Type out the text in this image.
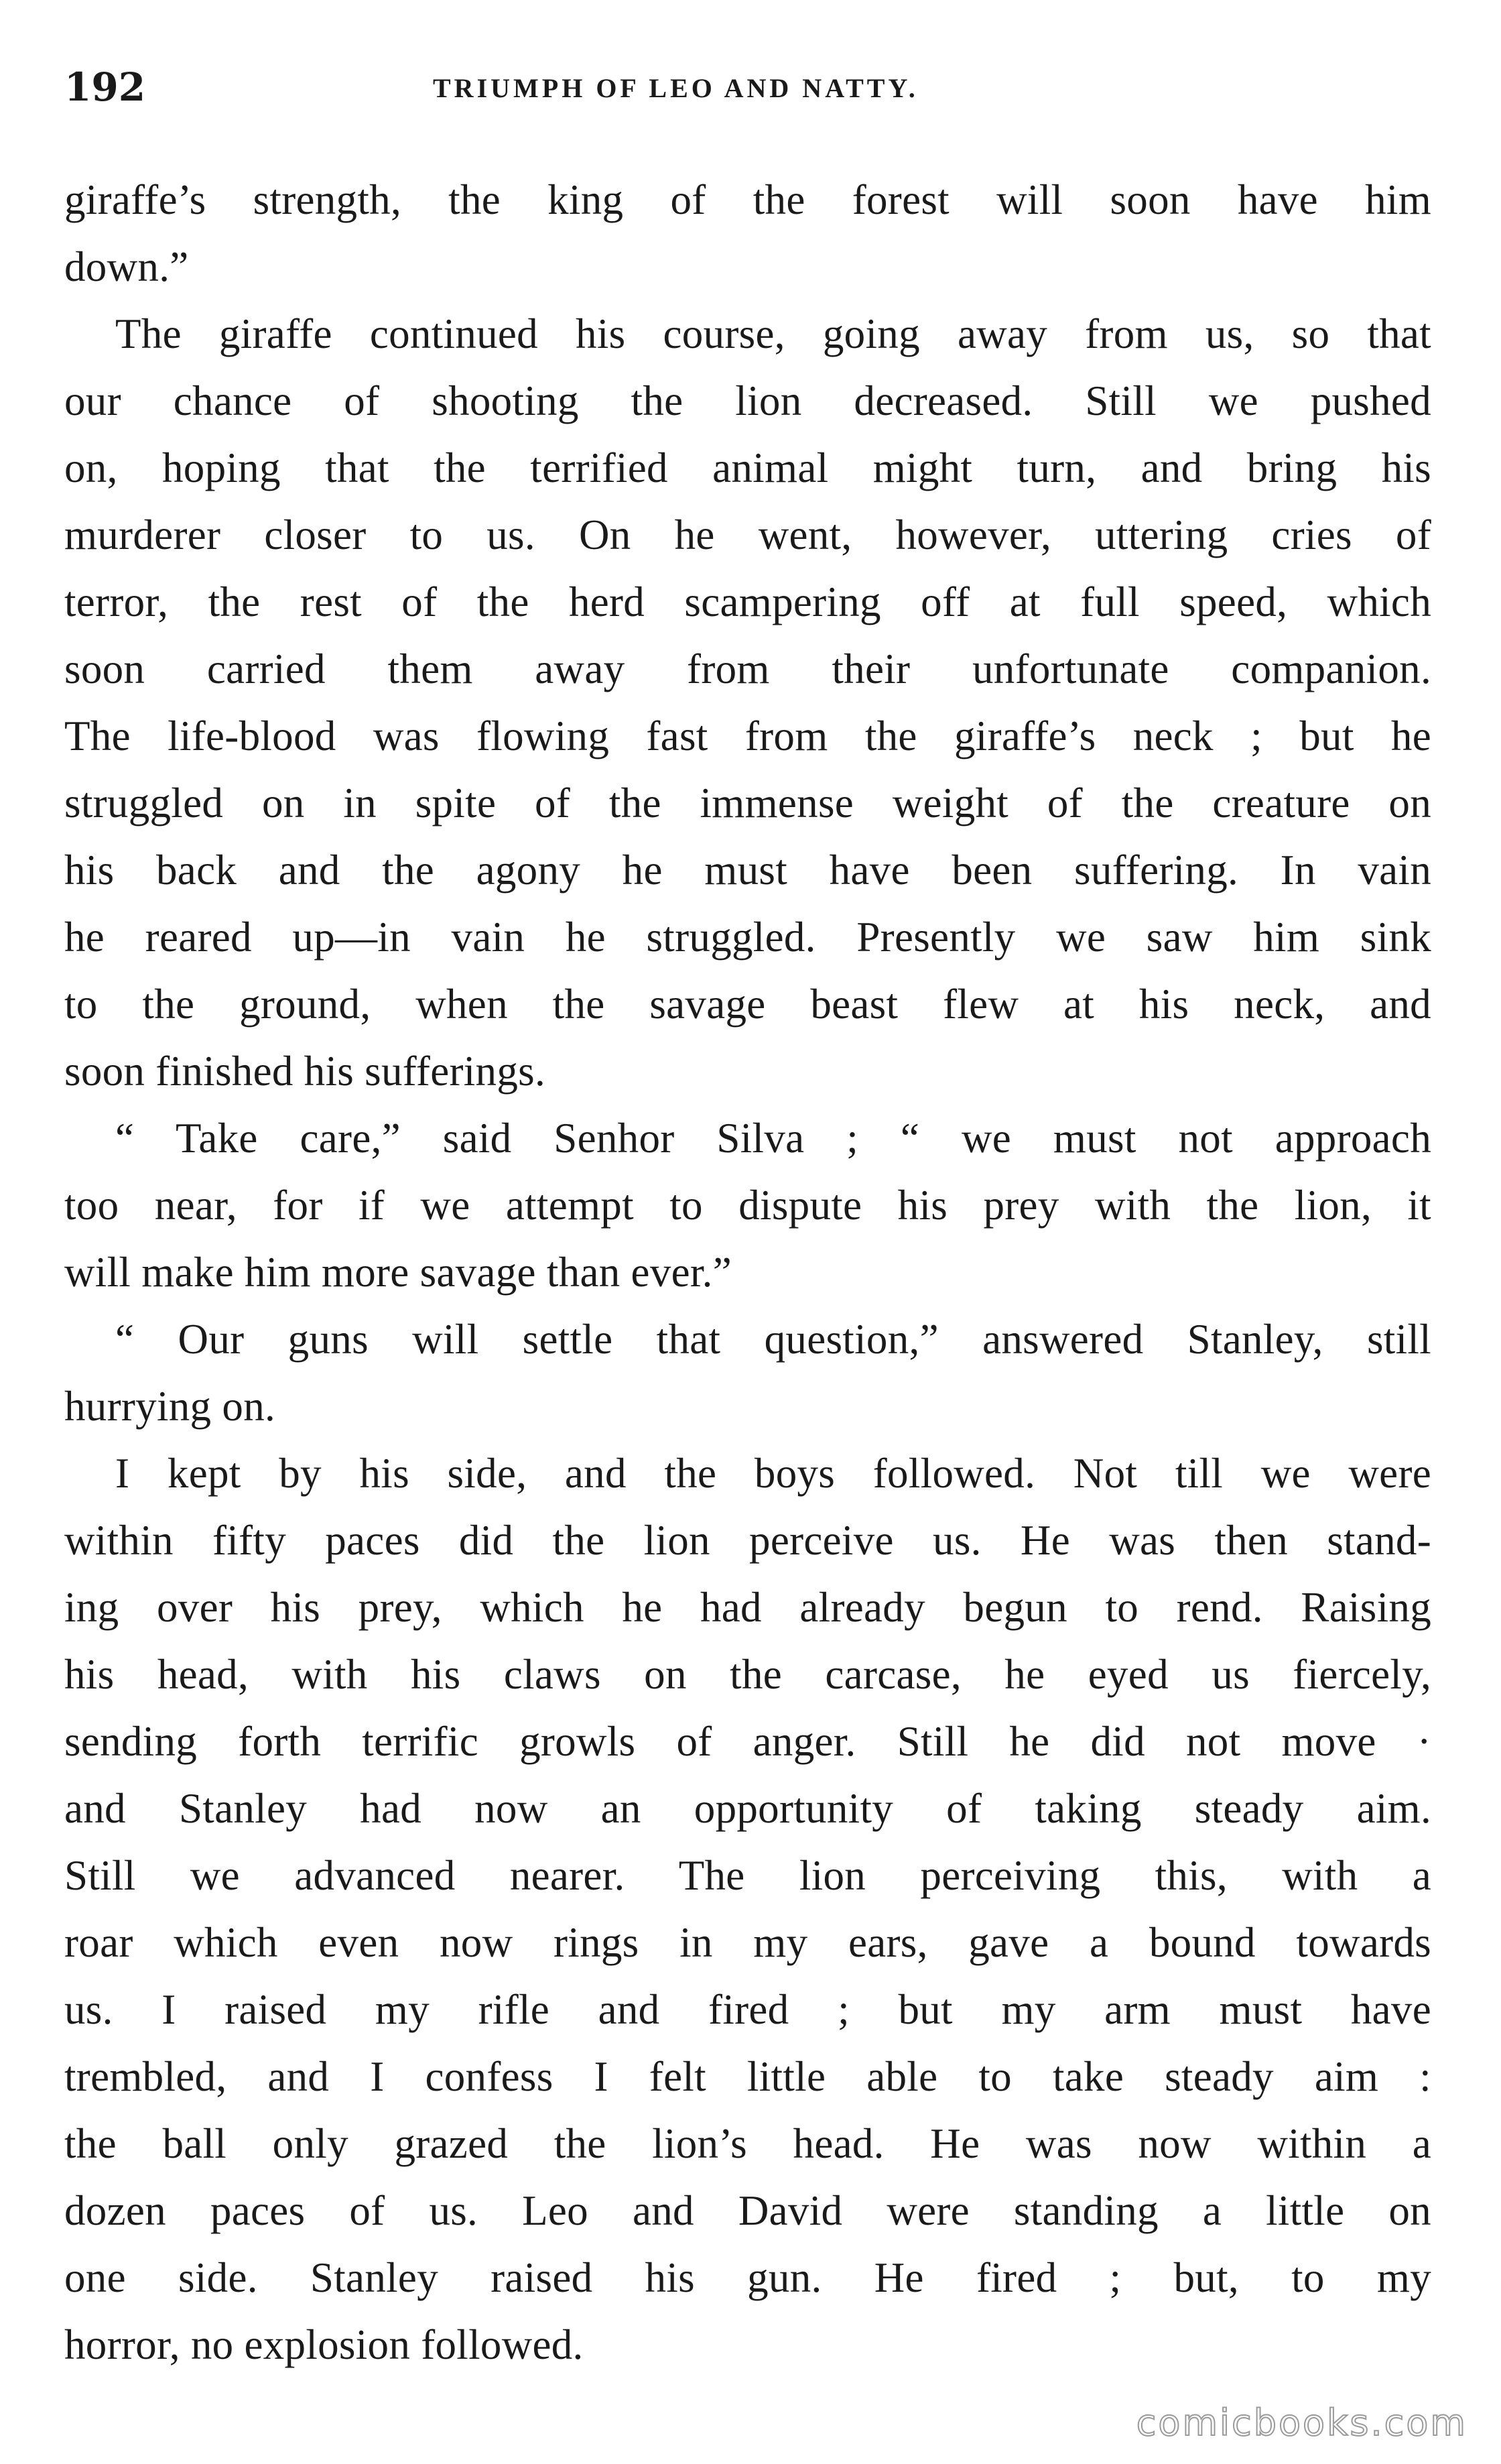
192	TRIUMPH OF LEO AND NATTY.
giraffe’s strength, the king of the forest will soon have him
down.”
The giraffe continued his course, going away from us, so that
our chance of shooting the lion decreased. Still we pushed
on, hoping that the terrified animal might turn, and bring his
murderer closer to us. On he went, however, uttering cries of
terror, the rest of the herd scampering off at full speed, which
soon carried them away from their unfortunate companion.
The life-blood was flowing fast from the giraffe’s neck ; but he
struggled on in spite of the immense weight of the creature on
his back and the agony he must have been suffering. In vain
he reared up—in vain he struggled. Presently we saw him sink
to the ground, when the savage beast flew at his neck, and
soon finished his sufferings.
“ Take care,” said Senhor Silva ; “ we must not approach
too near, for if we attempt to dispute his prey with the lion, it
will make him more savage than ever.”
“ Our guns will settle that question,” answered Stanley, still
hurrying on.
I kept by his side, and the boys followed. Not till we were
within fifty paces did the lion perceive us. He was then stand-
ing over his prey, which he had already begun to rend. Raising
his head, with his claws on the carcase, he eyed us fiercely,
sending forth terrific growls of anger. Still he did not move ·
and Stanley had now an opportunity of taking steady aim.
Still we advanced nearer. The lion perceiving this, with a
roar which even now rings in my ears, gave a bound towards
us. I raised my rifle and fired ; but my arm must have
trembled, and I confess I felt little able to take steady aim :
the ball only grazed the lion’s head. He was now within a
dozen paces of us. Leo and David were standing a little on
one side. Stanley raised his gun. He fired ; but, to my
horror, no explosion followed.
comicbooks.com
